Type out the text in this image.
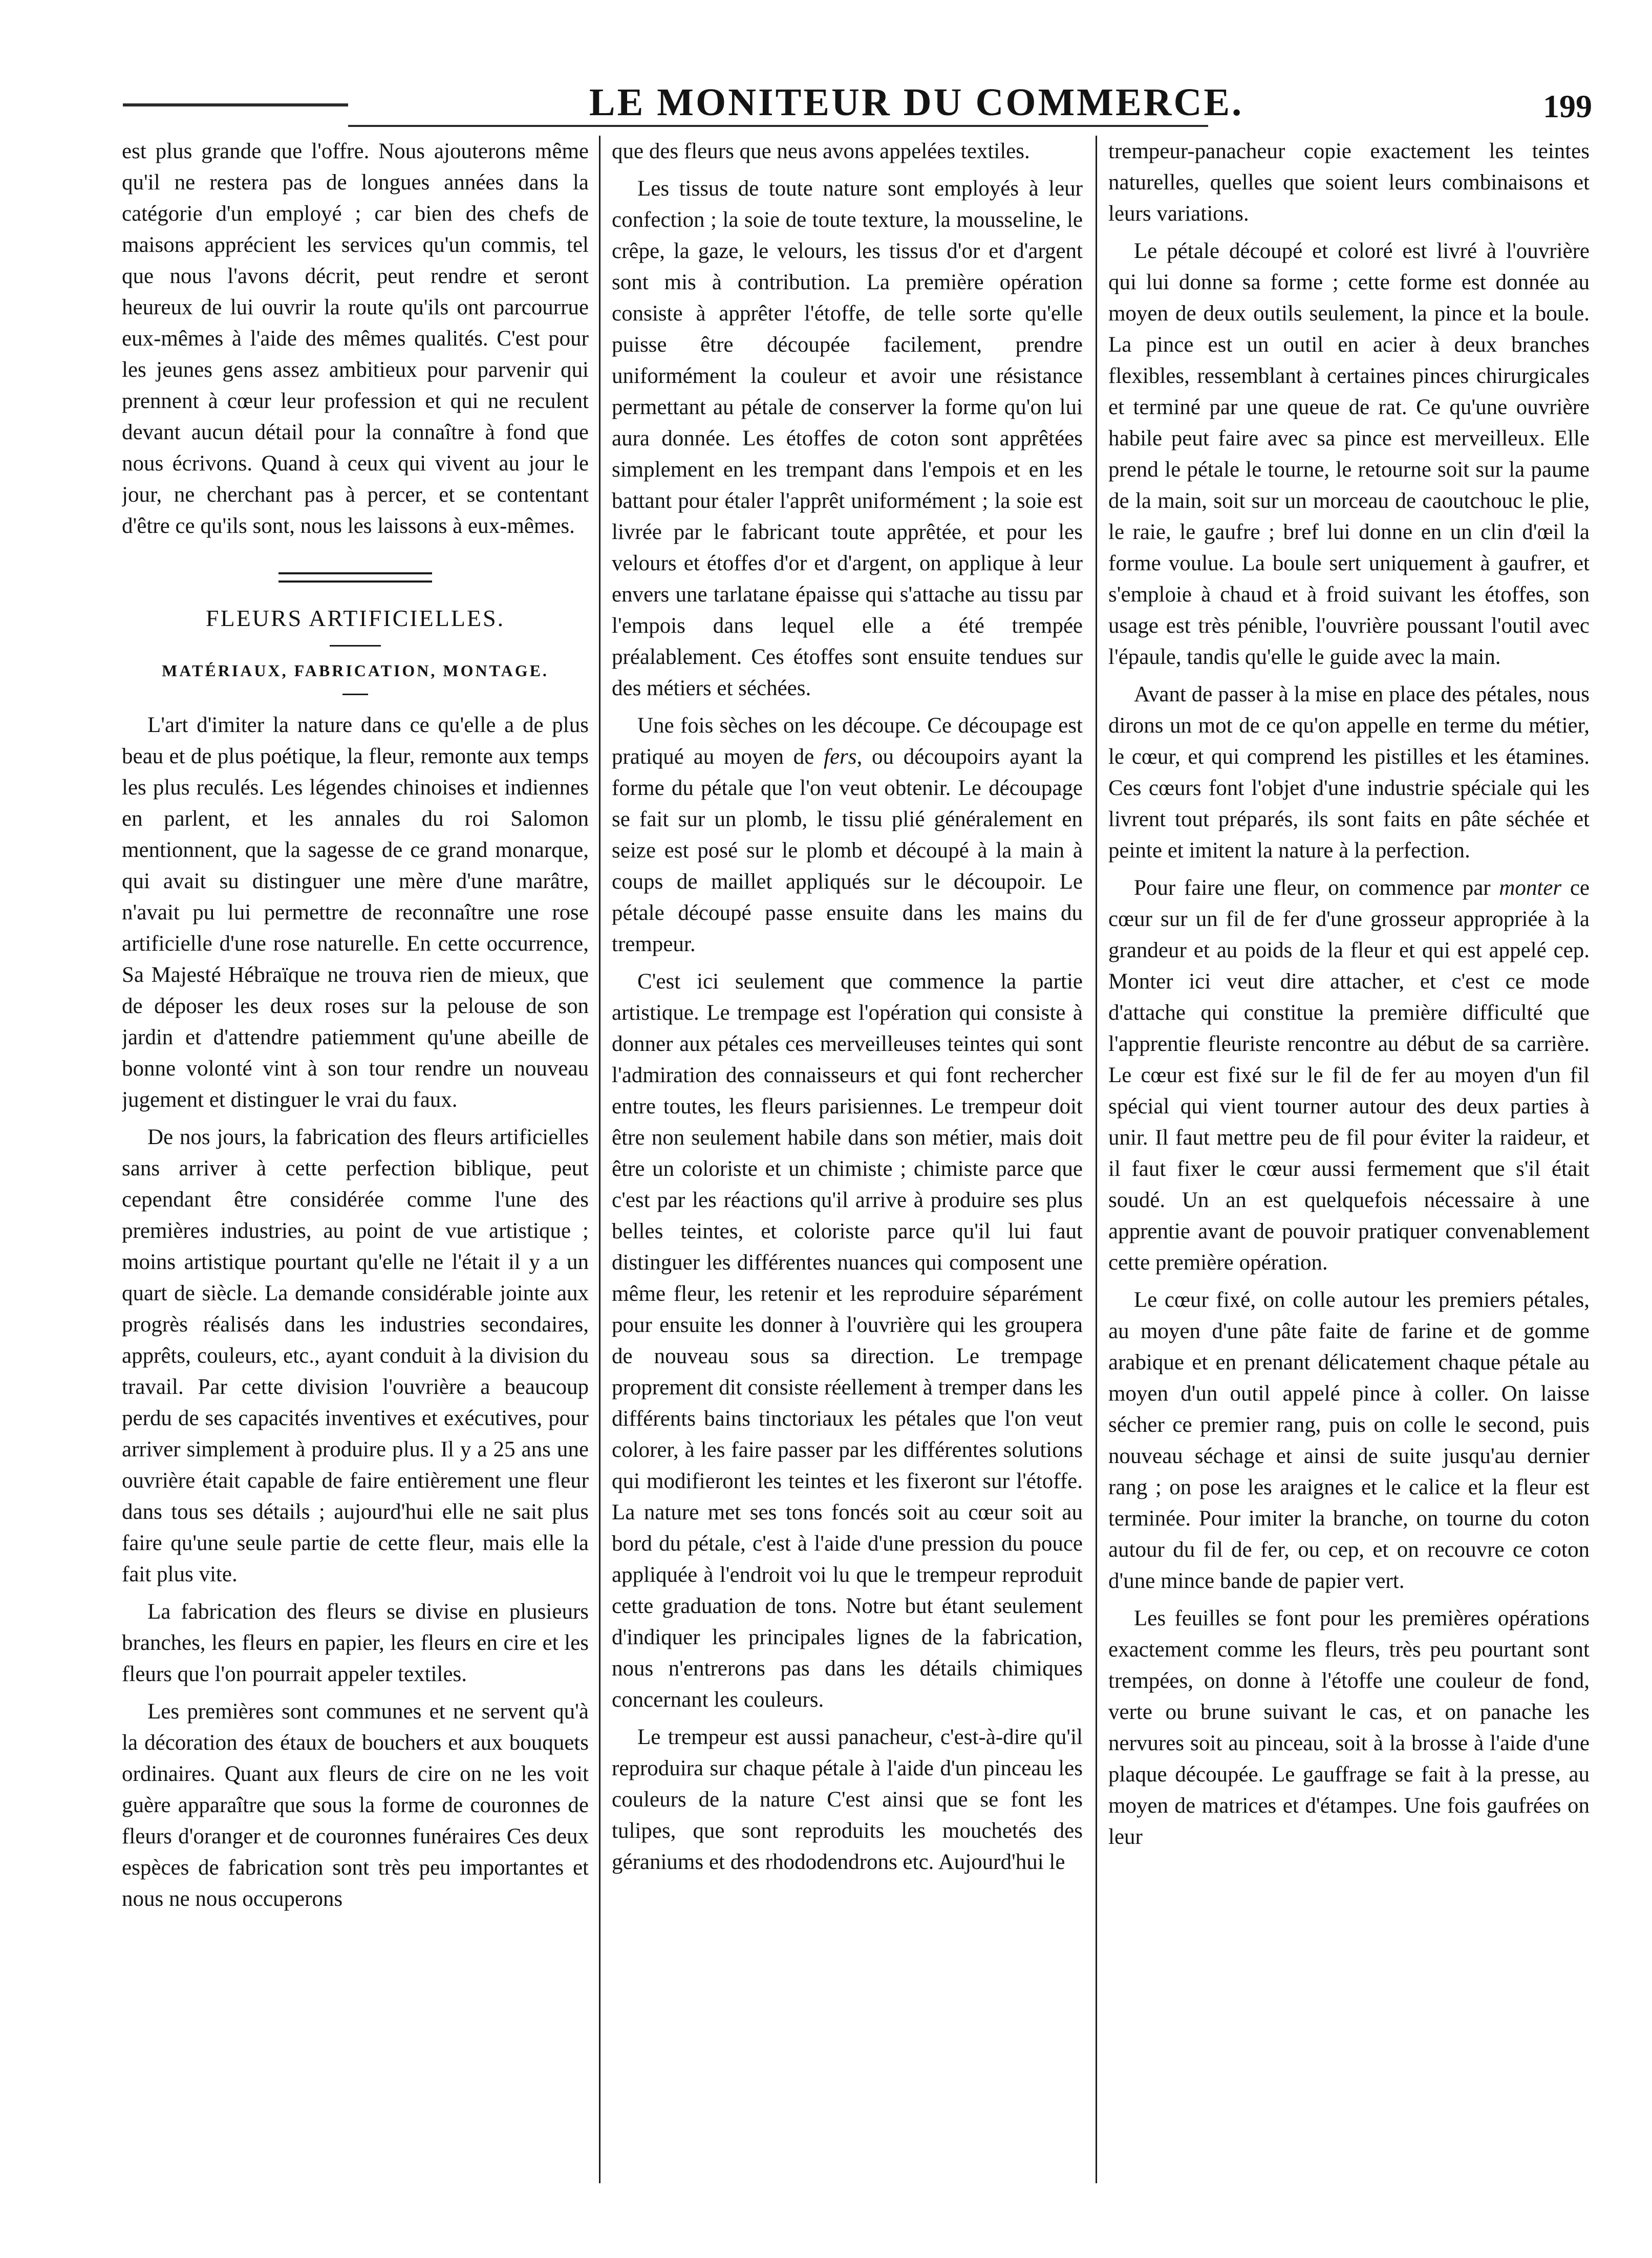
LE MONITEUR DU COMMERCE.	199

est plus grande que l'offre. Nous ajouterons même qu'il ne restera pas de longues années dans la catégorie d'un employé ; car bien des chefs de maisons apprécient les services qu'un commis, tel que nous l'avons décrit, peut rendre et seront heureux de lui ouvrir la route qu'ils ont parcourrue eux-mêmes à l'aide des mêmes qualités. C'est pour les jeunes gens assez ambitieux pour parvenir qui prennent à cœur leur profession et qui ne reculent devant aucun détail pour la connaître à fond que nous écrivons. Quand à ceux qui vivent au jour le jour, ne cherchant pas à percer, et se contentant d'être ce qu'ils sont, nous les laissons à eux-mêmes.

FLEURS ARTIFICIELLES.
MATÉRIAUX, FABRICATION, MONTAGE.

L'art d'imiter la nature dans ce qu'elle a de plus beau et de plus poétique, la fleur, remonte aux temps les plus reculés. Les légendes chinoises et indiennes en parlent, et les annales du roi Salomon mentionnent, que la sagesse de ce grand monarque, qui avait su distinguer une mère d'une marâtre, n'avait pu lui permettre de reconnaître une rose artificielle d'une rose naturelle. En cette occurrence, Sa Majesté Hébraïque ne trouva rien de mieux, que de déposer les deux roses sur la pelouse de son jardin et d'attendre patiemment qu'une abeille de bonne volonté vint à son tour rendre un nouveau jugement et distinguer le vrai du faux.

De nos jours, la fabrication des fleurs artificielles sans arriver à cette perfection biblique, peut cependant être considérée comme l'une des premières industries, au point de vue artistique ; moins artistique pourtant qu'elle ne l'était il y a un quart de siècle. La demande considérable jointe aux progrès réalisés dans les industries secondaires, apprêts, couleurs, etc., ayant conduit à la division du travail. Par cette division l'ouvrière a beaucoup perdu de ses capacités inventives et exécutives, pour arriver simplement à produire plus. Il y a 25 ans une ouvrière était capable de faire entièrement une fleur dans tous ses détails ; aujourd'hui elle ne sait plus faire qu'une seule partie de cette fleur, mais elle la fait plus vite.

La fabrication des fleurs se divise en plusieurs branches, les fleurs en papier, les fleurs en cire et les fleurs que l'on pourrait appeler textiles.

Les premières sont communes et ne servent qu'à la décoration des étaux de bouchers et aux bouquets ordinaires. Quant aux fleurs de cire on ne les voit guère apparaître que sous la forme de couronnes de fleurs d'oranger et de couronnes funéraires Ces deux espèces de fabrication sont très peu importantes et nous ne nous occuperons

que des fleurs que neus avons appelées textiles.

Les tissus de toute nature sont employés à leur confection ; la soie de toute texture, la mousseline, le crêpe, la gaze, le velours, les tissus d'or et d'argent sont mis à contribution. La première opération consiste à apprêter l'étoffe, de telle sorte qu'elle puisse être découpée facilement, prendre uniformément la couleur et avoir une résistance permettant au pétale de conserver la forme qu'on lui aura donnée. Les étoffes de coton sont apprêtées simplement en les trempant dans l'empois et en les battant pour étaler l'apprêt uniformément ; la soie est livrée par le fabricant toute apprêtée, et pour les velours et étoffes d'or et d'argent, on applique à leur envers une tarlatane épaisse qui s'attache au tissu par l'empois dans lequel elle a été trempée préalablement. Ces étoffes sont ensuite tendues sur des métiers et séchées.

Une fois sèches on les découpe. Ce découpage est pratiqué au moyen de fers, ou découpoirs ayant la forme du pétale que l'on veut obtenir. Le découpage se fait sur un plomb, le tissu plié généralement en seize est posé sur le plomb et découpé à la main à coups de maillet appliqués sur le découpoir. Le pétale découpé passe ensuite dans les mains du trempeur.

C'est ici seulement que commence la partie artistique. Le trempage est l'opération qui consiste à donner aux pétales ces merveilleuses teintes qui sont l'admiration des connaisseurs et qui font rechercher entre toutes, les fleurs parisiennes. Le trempeur doit être non seulement habile dans son métier, mais doit être un coloriste et un chimiste ; chimiste parce que c'est par les réactions qu'il arrive à produire ses plus belles teintes, et coloriste parce qu'il lui faut distinguer les différentes nuances qui composent une même fleur, les retenir et les reproduire séparément pour ensuite les donner à l'ouvrière qui les groupera de nouveau sous sa direction. Le trempage proprement dit consiste réellement à tremper dans les différents bains tinctoriaux les pétales que l'on veut colorer, à les faire passer par les différentes solutions qui modifieront les teintes et les fixeront sur l'étoffe. La nature met ses tons foncés soit au cœur soit au bord du pétale, c'est à l'aide d'une pression du pouce appliquée à l'endroit voi lu que le trempeur reproduit cette graduation de tons. Notre but étant seulement d'indiquer les principales lignes de la fabrication, nous n'entrerons pas dans les détails chimiques concernant les couleurs.

Le trempeur est aussi panacheur, c'est-à-dire qu'il reproduira sur chaque pétale à l'aide d'un pinceau les couleurs de la nature C'est ainsi que se font les tulipes, que sont reproduits les mouchetés des géraniums et des rhododendrons etc. Aujourd'hui le

trempeur-panacheur copie exactement les teintes naturelles, quelles que soient leurs combinaisons et leurs variations.

Le pétale découpé et coloré est livré à l'ouvrière qui lui donne sa forme ; cette forme est donnée au moyen de deux outils seulement, la pince et la boule. La pince est un outil en acier à deux branches flexibles, ressemblant à certaines pinces chirurgicales et terminé par une queue de rat. Ce qu'une ouvrière habile peut faire avec sa pince est merveilleux. Elle prend le pétale le tourne, le retourne soit sur la paume de la main, soit sur un morceau de caoutchouc le plie, le raie, le gaufre ; bref lui donne en un clin d'œil la forme voulue. La boule sert uniquement à gaufrer, et s'emploie à chaud et à froid suivant les étoffes, son usage est très pénible, l'ouvrière poussant l'outil avec l'épaule, tandis qu'elle le guide avec la main.

Avant de passer à la mise en place des pétales, nous dirons un mot de ce qu'on appelle en terme du métier, le cœur, et qui comprend les pistilles et les étamines. Ces cœurs font l'objet d'une industrie spéciale qui les livrent tout préparés, ils sont faits en pâte séchée et peinte et imitent la nature à la perfection.

Pour faire une fleur, on commence par monter ce cœur sur un fil de fer d'une grosseur appropriée à la grandeur et au poids de la fleur et qui est appelé cep. Monter ici veut dire attacher, et c'est ce mode d'attache qui constitue la première difficulté que l'apprentie fleuriste rencontre au début de sa carrière. Le cœur est fixé sur le fil de fer au moyen d'un fil spécial qui vient tourner autour des deux parties à unir. Il faut mettre peu de fil pour éviter la raideur, et il faut fixer le cœur aussi fermement que s'il était soudé. Un an est quelquefois nécessaire à une apprentie avant de pouvoir pratiquer convenablement cette première opération.

Le cœur fixé, on colle autour les premiers pétales, au moyen d'une pâte faite de farine et de gomme arabique et en prenant délicatement chaque pétale au moyen d'un outil appelé pince à coller. On laisse sécher ce premier rang, puis on colle le second, puis nouveau séchage et ainsi de suite jusqu'au dernier rang ; on pose les araignes et le calice et la fleur est terminée. Pour imiter la branche, on tourne du coton autour du fil de fer, ou cep, et on recouvre ce coton d'une mince bande de papier vert.

Les feuilles se font pour les premières opérations exactement comme les fleurs, très peu pourtant sont trempées, on donne à l'étoffe une couleur de fond, verte ou brune suivant le cas, et on panache les nervures soit au pinceau, soit à la brosse à l'aide d'une plaque découpée. Le gauffrage se fait à la presse, au moyen de matrices et d'étampes. Une fois gaufrées on leur
